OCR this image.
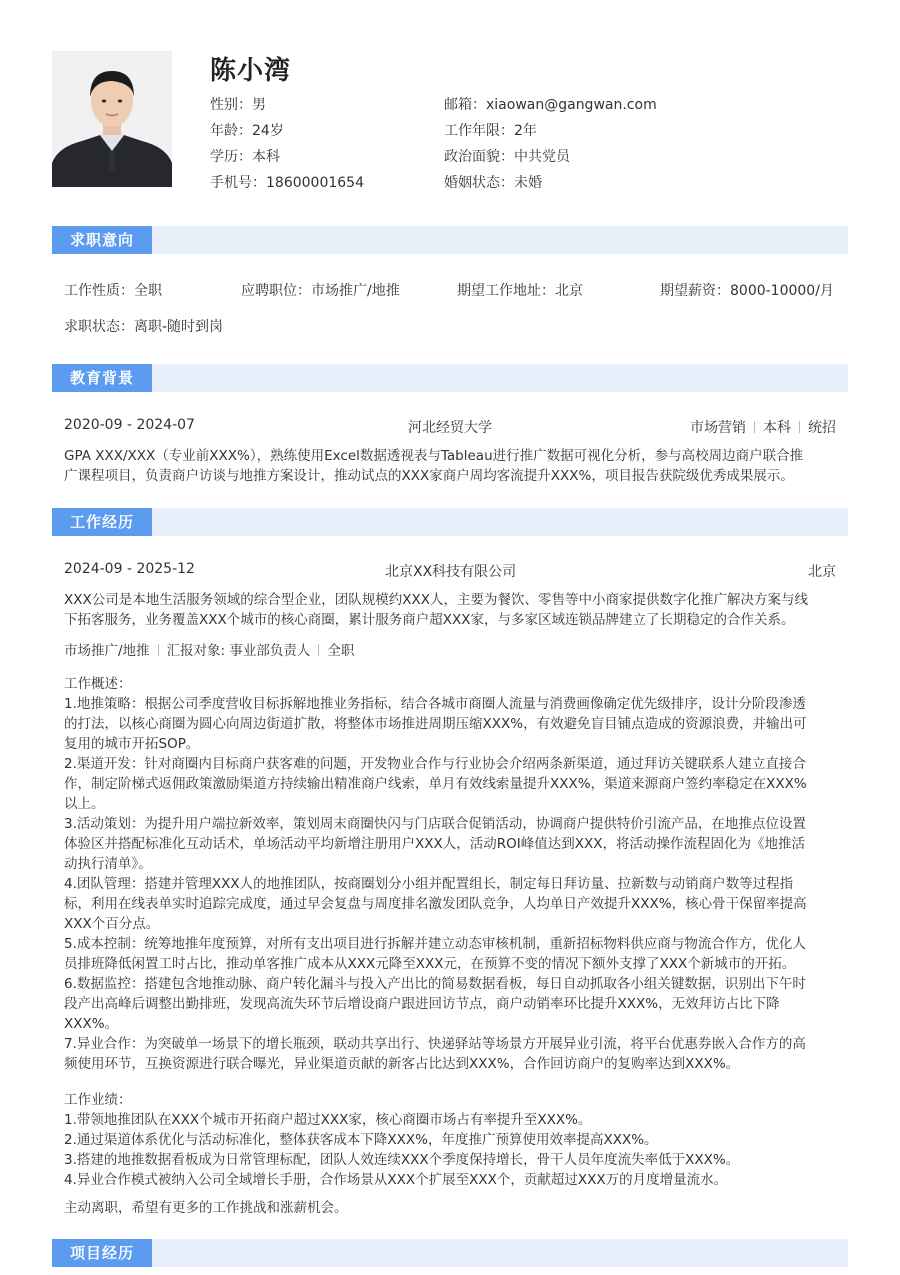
陈小湾
性别：男	邮箱：xiaowan@gangwan.com
年龄：24岁	工作年限：2年
学历：本科	政治面貌：中共党员
手机号：18600001654	婚姻状态：未婚
求职意向
工作性质：全职	应聘职位：市场推广/地推	期望工作地址：北京	期望薪资：8000-10000/月
求职状态：离职-随时到岗
教育背景
2020-09 - 2024-07	河北经贸大学	市场营销 本科 统招
GPA XXX/XXX（专业前XXX%），熟练使用Excel数据透视表与Tableau进行推广数据可视化分析，参与高校周边商户联合推
广课程项目，负责商户访谈与地推方案设计，推动试点的XXX家商户周均客流提升XXX%，项目报告获院级优秀成果展示。
工作经历
2024-09 - 2025-12	北京XX科技有限公司	北京
XXX公司是本地生活服务领域的综合型企业，团队规模约XXX人，主要为餐饮、零售等中小商家提供数字化推广解决方案与线
下拓客服务，业务覆盖XXX个城市的核心商圈，累计服务商户超XXX家，与多家区域连锁品牌建立了长期稳定的合作关系。
市场推广/地推 汇报对象: 事业部负责人 全职
工作概述：
1.地推策略：根据公司季度营收目标拆解地推业务指标，结合各城市商圈人流量与消费画像确定优先级排序，设计分阶段渗透
的打法，以核心商圈为圆心向周边街道扩散，将整体市场推进周期压缩XXX%，有效避免盲目铺点造成的资源浪费，并输出可
复用的城市开拓SOP。
2.渠道开发：针对商圈内目标商户获客难的问题，开发物业合作与行业协会介绍两条新渠道，通过拜访关键联系人建立直接合
作，制定阶梯式返佣政策激励渠道方持续输出精准商户线索，单月有效线索量提升XXX%，渠道来源商户签约率稳定在XXX%
以上。
3.活动策划：为提升用户端拉新效率，策划周末商圈快闪与门店联合促销活动，协调商户提供特价引流产品，在地推点位设置
体验区并搭配标准化互动话术，单场活动平均新增注册用户XXX人，活动ROI峰值达到XXX，将活动操作流程固化为《地推活
动执行清单》。
4.团队管理：搭建并管理XXX人的地推团队，按商圈划分小组并配置组长，制定每日拜访量、拉新数与动销商户数等过程指
标，利用在线表单实时追踪完成度，通过早会复盘与周度排名激发团队竞争，人均单日产效提升XXX%，核心骨干保留率提高
XXX个百分点。
5.成本控制：统筹地推年度预算，对所有支出项目进行拆解并建立动态审核机制，重新招标物料供应商与物流合作方，优化人
员排班降低闲置工时占比，推动单客推广成本从XXX元降至XXX元，在预算不变的情况下额外支撑了XXX个新城市的开拓。
6.数据监控：搭建包含地推动脉、商户转化漏斗与投入产出比的简易数据看板，每日自动抓取各小组关键数据，识别出下午时
段产出高峰后调整出勤排班，发现高流失环节后增设商户跟进回访节点，商户动销率环比提升XXX%，无效拜访占比下降
XXX%。
7.异业合作：为突破单一场景下的增长瓶颈，联动共享出行、快递驿站等场景方开展异业引流，将平台优惠券嵌入合作方的高
频使用环节，互换资源进行联合曝光，异业渠道贡献的新客占比达到XXX%，合作回访商户的复购率达到XXX%。
工作业绩：
1.带领地推团队在XXX个城市开拓商户超过XXX家，核心商圈市场占有率提升至XXX%。
2.通过渠道体系优化与活动标准化，整体获客成本下降XXX%，年度推广预算使用效率提高XXX%。
3.搭建的地推数据看板成为日常管理标配，团队人效连续XXX个季度保持增长，骨干人员年度流失率低于XXX%。
4.异业合作模式被纳入公司全域增长手册，合作场景从XXX个扩展至XXX个，贡献超过XXX万的月度增量流水。
主动离职，希望有更多的工作挑战和涨薪机会。
项目经历
